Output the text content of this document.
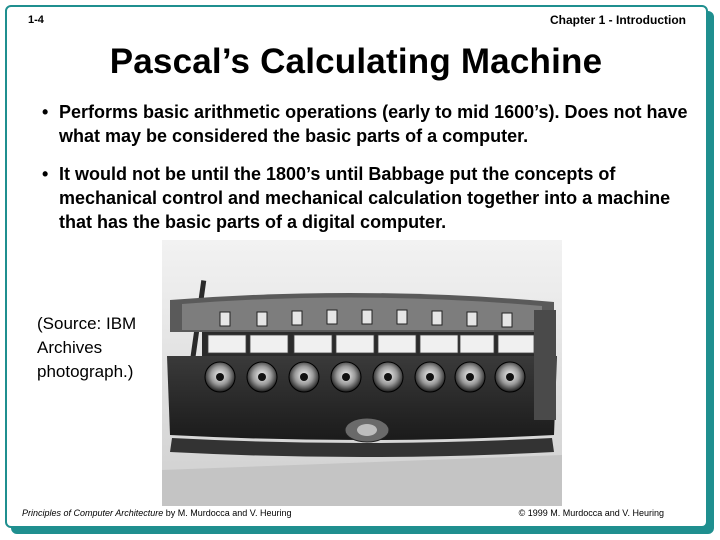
1-4	Chapter 1 - Introduction
Pascal’s Calculating Machine
• Performs basic arithmetic operations (early to mid 1600’s). Does not have what may be considered the basic parts of a computer.
• It would not be until the 1800’s until Babbage put the concepts of mechanical control and mechanical calculation together into a machine that has the basic parts of a digital computer.
(Source: IBM
Archives
photograph.)
Principles of Computer Architecture by M. Murdocca and V. Heuring	© 1999 M. Murdocca and V. Heuring
